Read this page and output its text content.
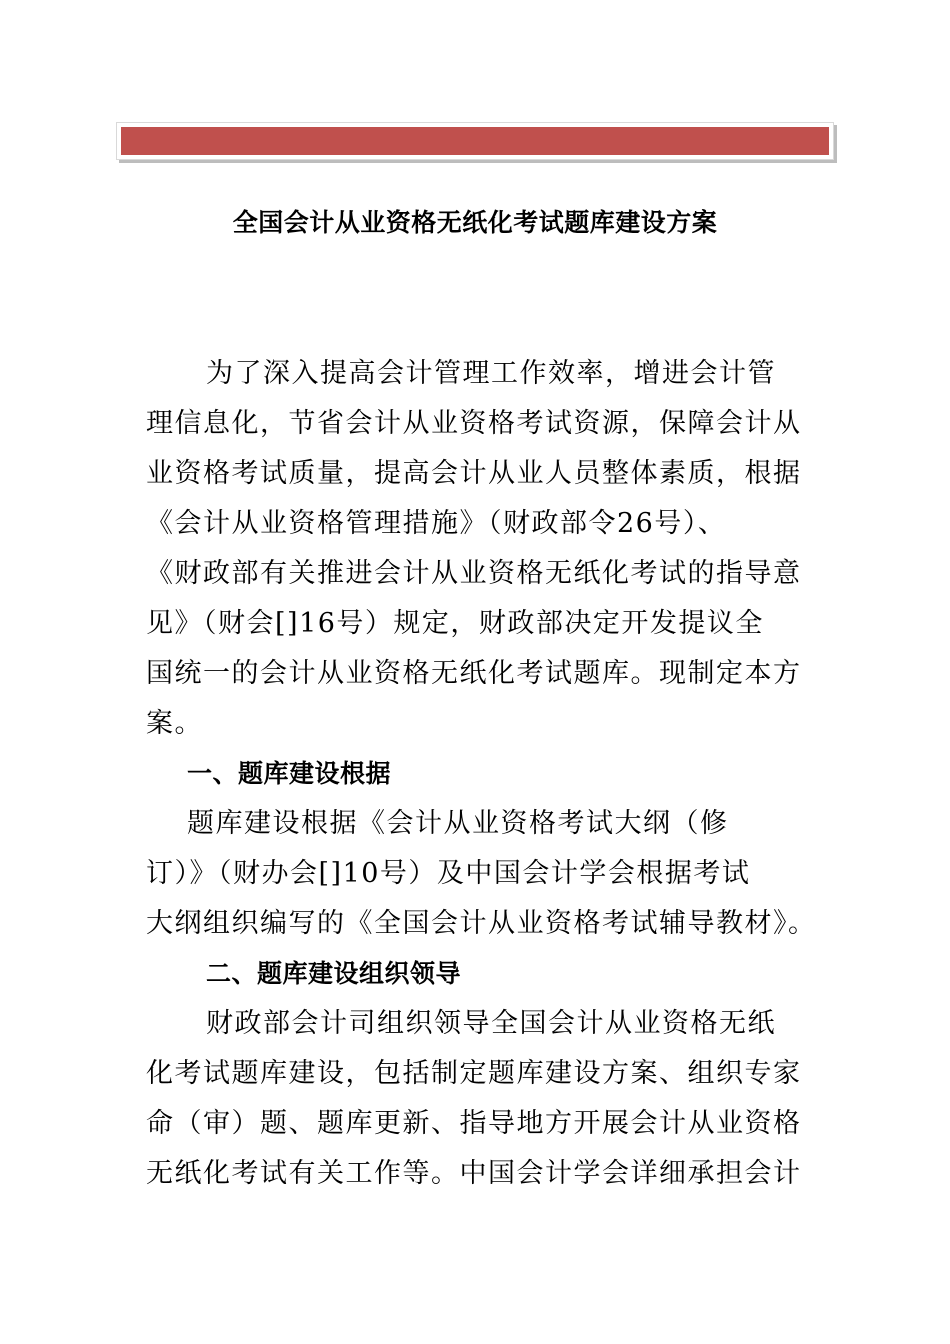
全国会计从业资格无纸化考试题库建设方案
为了深入提高会计管理工作效率，增进会计管
理信息化，节省会计从业资格考试资源，保障会计从
业资格考试质量，提高会计从业人员整体素质，根据
《会计从业资格管理措施》（财政部令26号）、
《财政部有关推进会计从业资格无纸化考试的指导意
见》（财会[]16号）规定，财政部决定开发提议全
国统一的会计从业资格无纸化考试题库。现制定本方
案。
一、题库建设根据
题库建设根据《会计从业资格考试大纲（修
订）》（财办会[]10号）及中国会计学会根据考试
大纲组织编写的《全国会计从业资格考试辅导教材》。
二、题库建设组织领导
财政部会计司组织领导全国会计从业资格无纸
化考试题库建设，包括制定题库建设方案、组织专家
命（审）题、题库更新、指导地方开展会计从业资格
无纸化考试有关工作等。中国会计学会详细承担会计
